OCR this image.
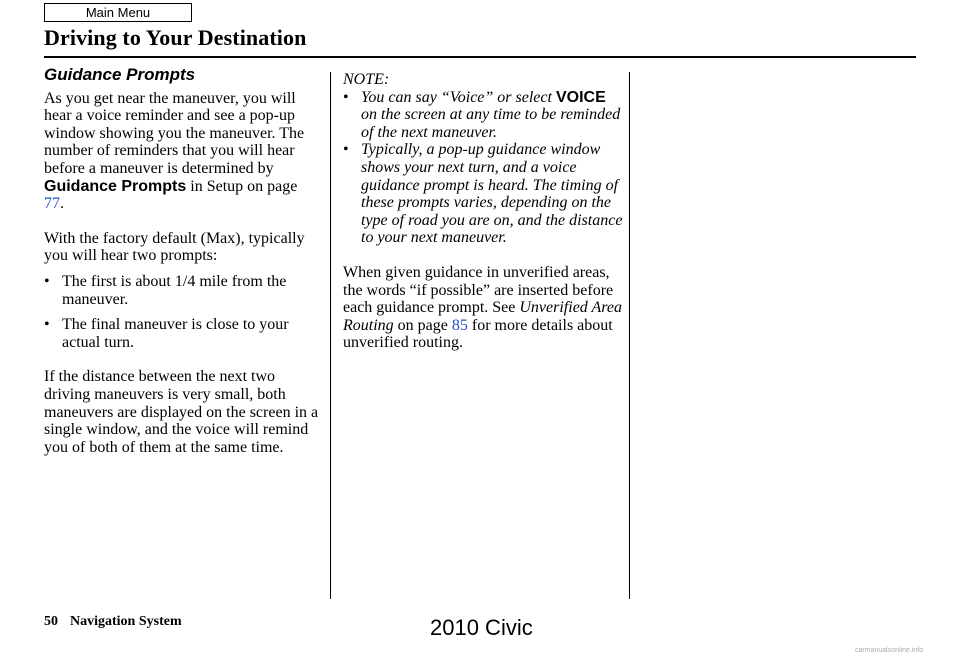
Main Menu
Driving to Your Destination
Guidance Prompts

As you get near the maneuver, you will hear a voice reminder and see a pop-up window showing you the maneuver. The number of reminders that you will hear before a maneuver is determined by Guidance Prompts in Setup on page 77.

With the factory default (Max), typically you will hear two prompts:

• The first is about 1/4 mile from the maneuver.

• The final maneuver is close to your actual turn.

If the distance between the next two driving maneuvers is very small, both maneuvers are displayed on the screen in a single window, and the voice will remind you of both of them at the same time.

NOTE:

• You can say “Voice” or select VOICE on the screen at any time to be reminded of the next maneuver.

• Typically, a pop-up guidance window shows your next turn, and a voice guidance prompt is heard. The timing of these prompts varies, depending on the type of road you are on, and the distance to your next maneuver.

When given guidance in unverified areas, the words “if possible” are inserted before each guidance prompt. See Unverified Area Routing on page 85 for more details about unverified routing.

50 Navigation System	2010 Civic
carmanualsonline.info
